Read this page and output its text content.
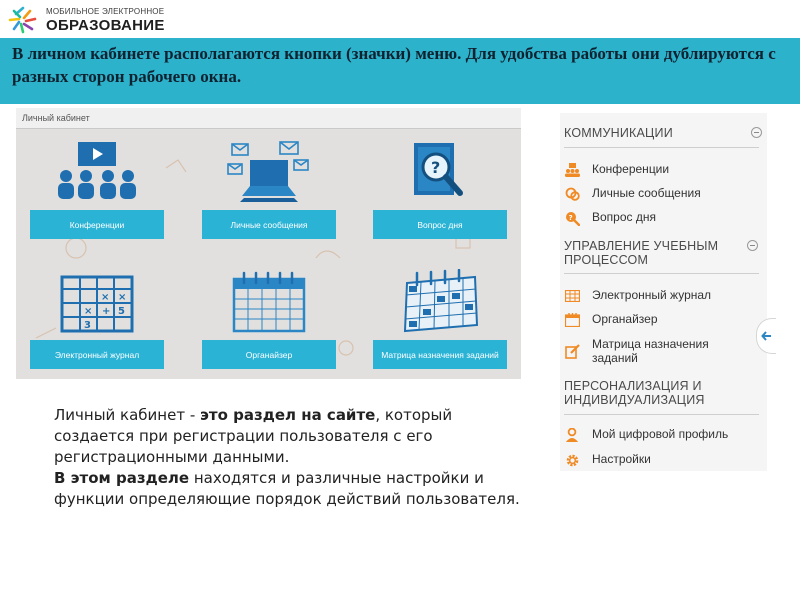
МОБИЛЬНОЕ ЭЛЕКТРОННОЕ
ОБРАЗОВАНИЕ

В личном кабинете располагаются кнопки (значки) меню. Для удобства работы они дублируются с разных сторон рабочего окна.

Личный кабинет
Конференции	Личные сообщения
?
Вопрос дня
× ×
× + 5
3
Электронный журнал	Органайзер	Матрица назначения заданий
КОММУНИКАЦИИ
Конференции
Личные сообщения
? Вопрос дня
УПРАВЛЕНИЕ УЧЕБНЫМ ПРОЦЕССОМ
Электронный журнал
Органайзер
Матрица назначения заданий
ПЕРСОНАЛИЗАЦИЯ И ИНДИВИДУАЛИЗАЦИЯ
Мой цифровой профиль
Настройки
Личный кабинет - это раздел на сайте, который создается при регистрации пользователя с его регистрационными данными.
В этом разделе находятся и различные настройки и функции определяющие порядок действий пользователя.
